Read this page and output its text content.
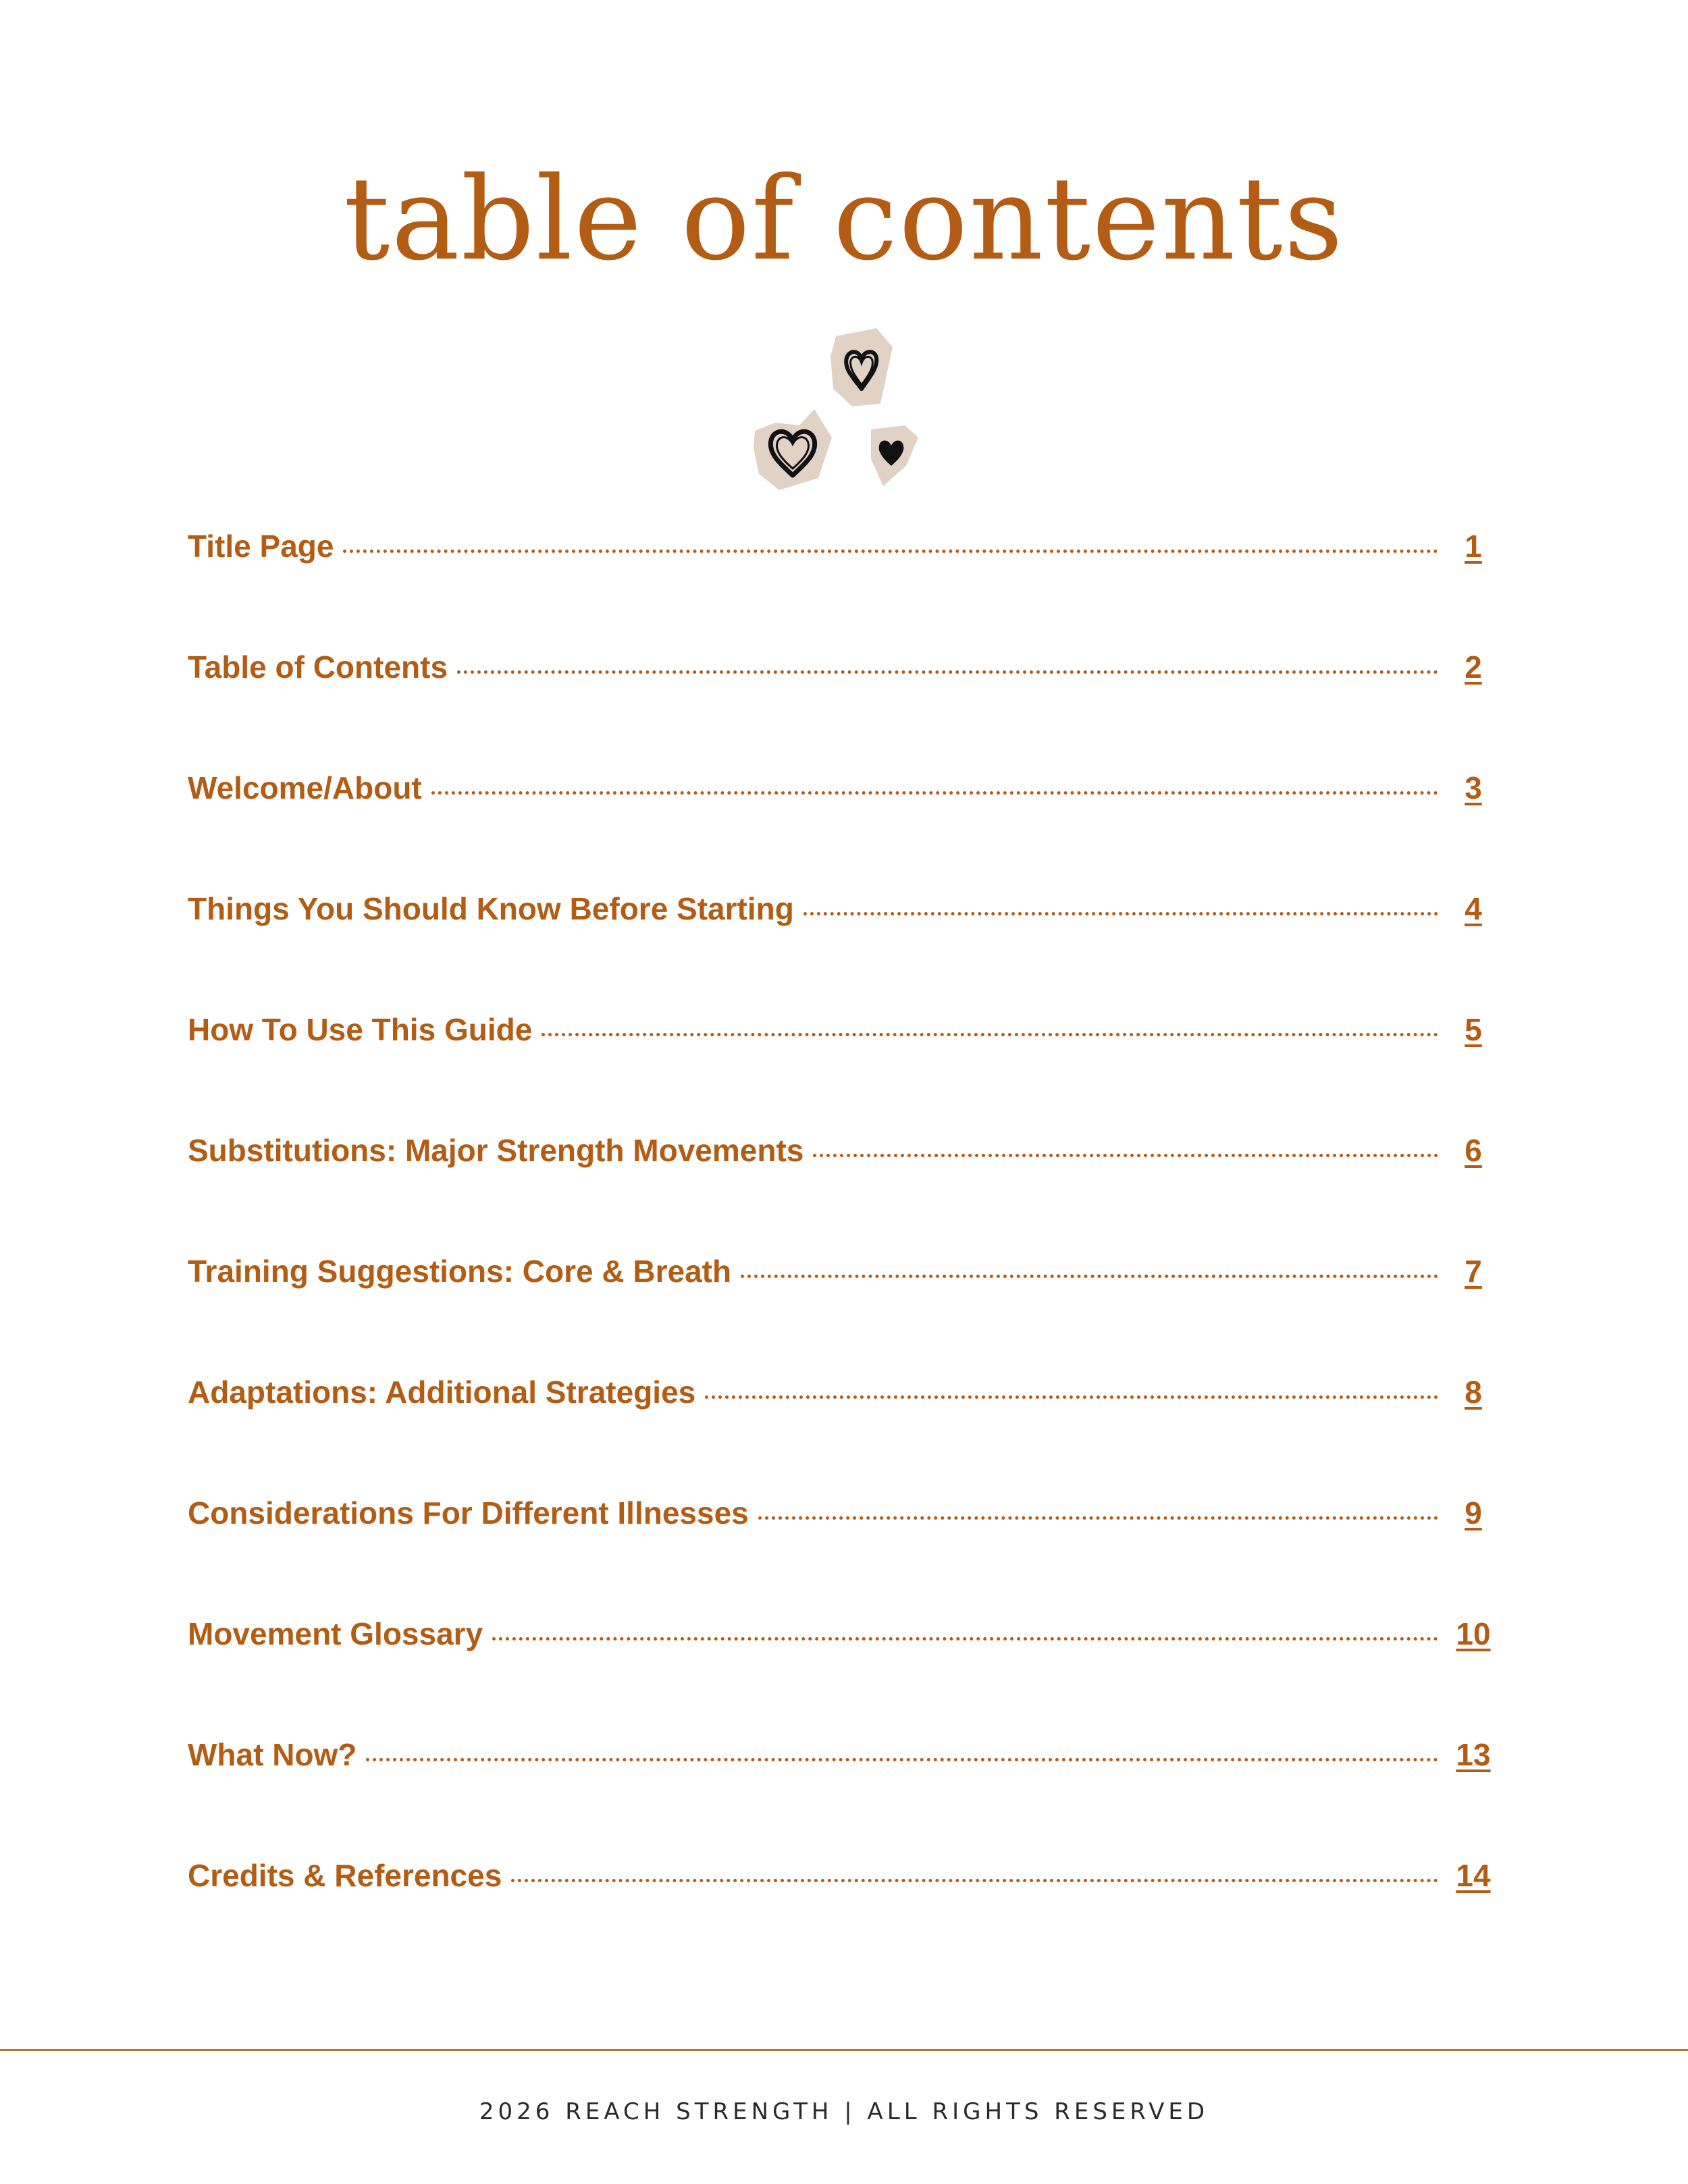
table of contents
Title Page	1
Table of Contents	2
Welcome/About	3
Things You Should Know Before Starting	4
How To Use This Guide	5
Substitutions: Major Strength Movements	6
Training Suggestions: Core & Breath	7
Adaptations: Additional Strategies	8
Considerations For Different Illnesses	9
Movement Glossary	10
What Now?	13
Credits & References	14

2026 REACH STRENGTH | ALL RIGHTS RESERVED
